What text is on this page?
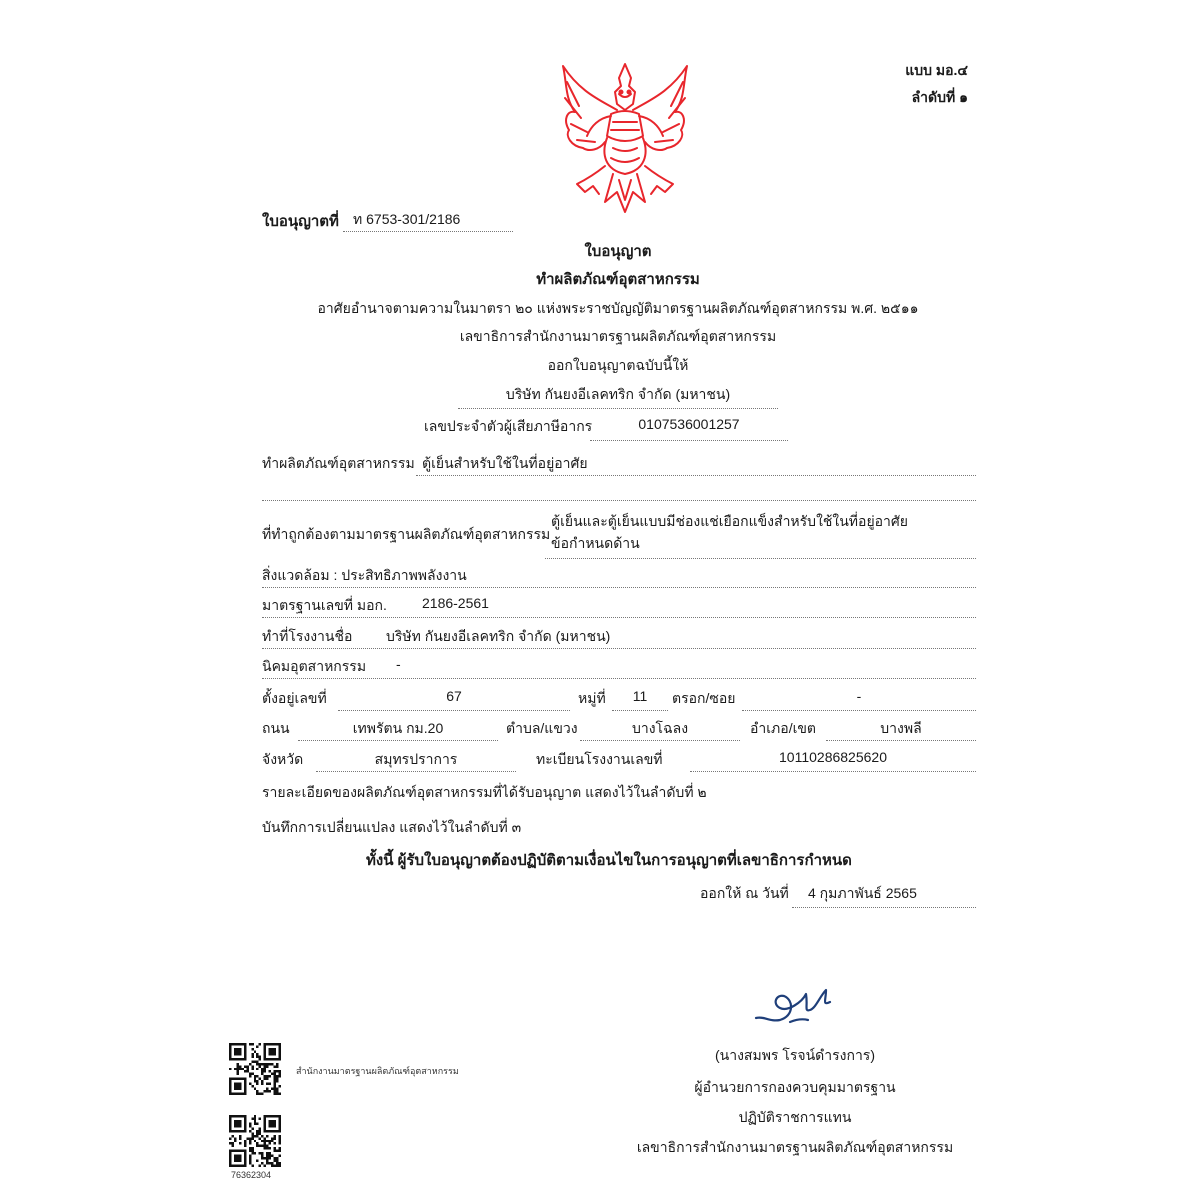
แบบ มอ.๔
ลำดับที่ ๑
ใบอนุญาตที่	ท 6753-301/2186
ใบอนุญาต
ทำผลิตภัณฑ์อุตสาหกรรม
อาศัยอำนาจตามความในมาตรา ๒๐ แห่งพระราชบัญญัติมาตรฐานผลิตภัณฑ์อุตสาหกรรม พ.ศ. ๒๕๑๑
เลขาธิการสำนักงานมาตรฐานผลิตภัณฑ์อุตสาหกรรม
ออกใบอนุญาตฉบับนี้ให้
บริษัท กันยงอีเลคทริก จำกัด (มหาชน)
เลขประจำตัวผู้เสียภาษีอากร	0107536001257
ทำผลิตภัณฑ์อุตสาหกรรม ตู้เย็นสำหรับใช้ในที่อยู่อาศัย
ที่ทำถูกต้องตามมาตรฐานผลิตภัณฑ์อุตสาหกรรม
ตู้เย็นและตู้เย็นแบบมีช่องแช่เยือกแข็งสำหรับใช้ในที่อยู่อาศัย
ข้อกำหนดด้าน
สิ่งแวดล้อม : ประสิทธิภาพพลังงาน
มาตรฐานเลขที่ มอก.	2186-2561
ทำที่โรงงานชื่อ บริษัท กันยงอีเลคทริก จำกัด (มหาชน)
นิคมอุตสาหกรรม -
ตั้งอยู่เลขที่	67	หมู่ที่	11	ตรอก/ซอย	-
ถนน	เทพรัตน กม.20	ตำบล/แขวง	บางโฉลง	อำเภอ/เขต	บางพลี
จังหวัด	สมุทรปราการ	ทะเบียนโรงงานเลขที่	10110286825620
รายละเอียดของผลิตภัณฑ์อุตสาหกรรมที่ได้รับอนุญาต แสดงไว้ในลำดับที่ ๒
บันทึกการเปลี่ยนแปลง แสดงไว้ในลำดับที่ ๓
ทั้งนี้ ผู้รับใบอนุญาตต้องปฏิบัติตามเงื่อนไขในการอนุญาตที่เลขาธิการกำหนด
ออกให้ ณ วันที่	4 กุมภาพันธ์ 2565
(นางสมพร โรจน์ดำรงการ)
ผู้อำนวยการกองควบคุมมาตรฐาน
ปฏิบัติราชการแทน
เลขาธิการสำนักงานมาตรฐานผลิตภัณฑ์อุตสาหกรรม
สำนักงานมาตรฐานผลิตภัณฑ์อุตสาหกรรม
76362304
